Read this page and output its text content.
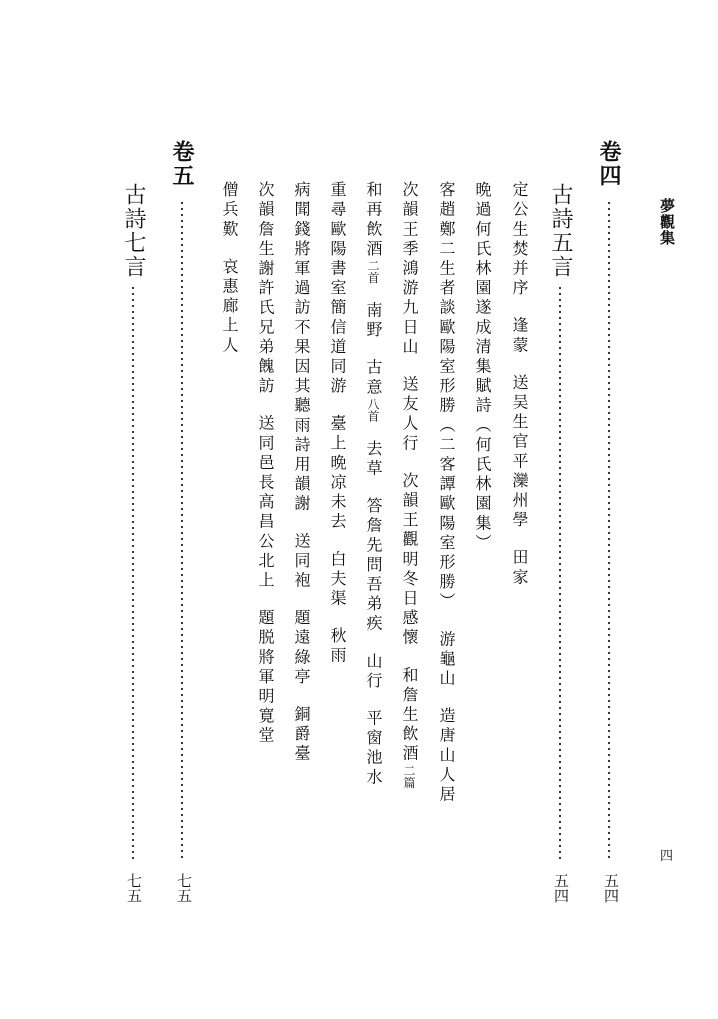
夢觀集
四
卷四
五四
古詩五言
五四
定公生焚并序逢蒙送吴生官平灤州學田家
晩過何氏林園遂成清集賦詩（何氏林園集）
客趙鄭二生者談歐陽室形勝（二客譚歐陽室形勝）游龜山造唐山人居
次韻王季鴻游九日山送友人行次韻王觀明冬日感懷和詹生飲酒二篇
和再飲酒二首南野古意八首去草答詹先問吾弟疾山行平窗池水
重尋歐陽書室簡信道同游臺上晩凉未去白夫渠秋雨
病聞錢將軍過訪不果因其聽雨詩用韻謝送同袍題遠綠亭銅爵臺
次韻詹生謝許氏兄弟餽訪送同邑長高昌公北上題脱將軍明寛堂
僧兵歎哀惠廊上人
卷五
七五
古詩七言
七五
